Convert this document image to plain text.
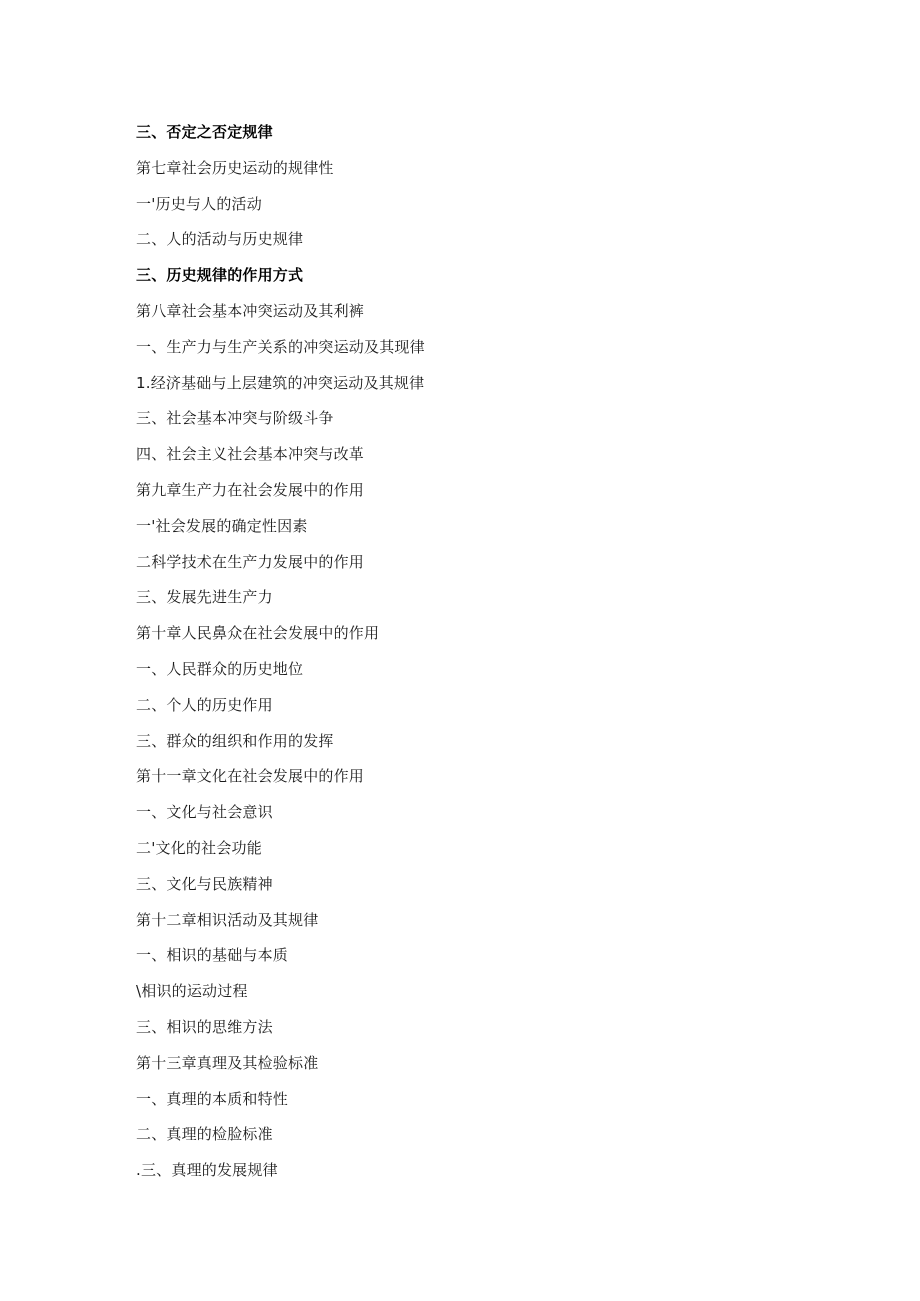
三、否定之否定规律
第七章社会历史运动的规律性
一'历史与人的活动
二、人的活动与历史规律
三、历史规律的作用方式
第八章社会基本冲突运动及其利裤
一、生产力与生产关系的冲突运动及其现律
1.经济基础与上层建筑的冲突运动及其规律
三、社会基本冲突与阶级斗争
四、社会主义社会基本冲突与改革
第九章生产力在社会发展中的作用
一'社会发展的确定性因素
二科学技术在生产力发展中的作用
三、发展先进生产力
第十章人民鼻众在社会发展中的作用
一、人民群众的历史地位
二、个人的历史作用
三、群众的组织和作用的发挥
第十一章文化在社会发展中的作用
一、文化与社会意识
二'文化的社会功能
三、文化与民族精神
第十二章相识活动及其规律
一、相识的基础与本质
\相识的运动过程
三、相识的思维方法
第十三章真理及其检验标准
一、真理的本质和特性
二、真理的检脸标准
.三、真理的发展规律
